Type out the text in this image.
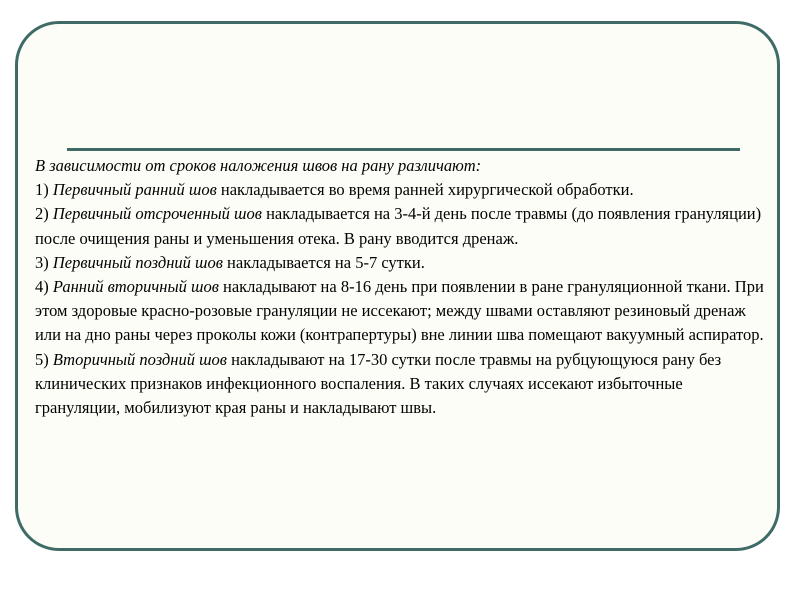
В зависимости от сроков наложения швов на рану различают:

1) Первичный ранний шов накладывается во время ранней хирургической обработки.

2) Первичный отсроченный шов накладывается на 3-4-й день после травмы (до появления грануляции) после очищения раны и уменьшения отека. В рану вводится дренаж.

3) Первичный поздний шов накладывается на 5-7 сутки.

4) Ранний вторичный шов накладывают на 8-16 день при появлении в ране грануляционной ткани. При этом здоровые красно-розовые грануляции не иссекают; между швами оставляют резиновый дренаж или на дно раны через проколы кожи (контрапертуры) вне линии шва помещают вакуумный аспиратор.

5) Вторичный поздний шов накладывают на 17-30 сутки после травмы на рубцующуюся рану без клинических признаков инфекционного воспаления. В таких случаях иссекают избыточные грануляции, мобилизуют края раны и накладывают швы.
